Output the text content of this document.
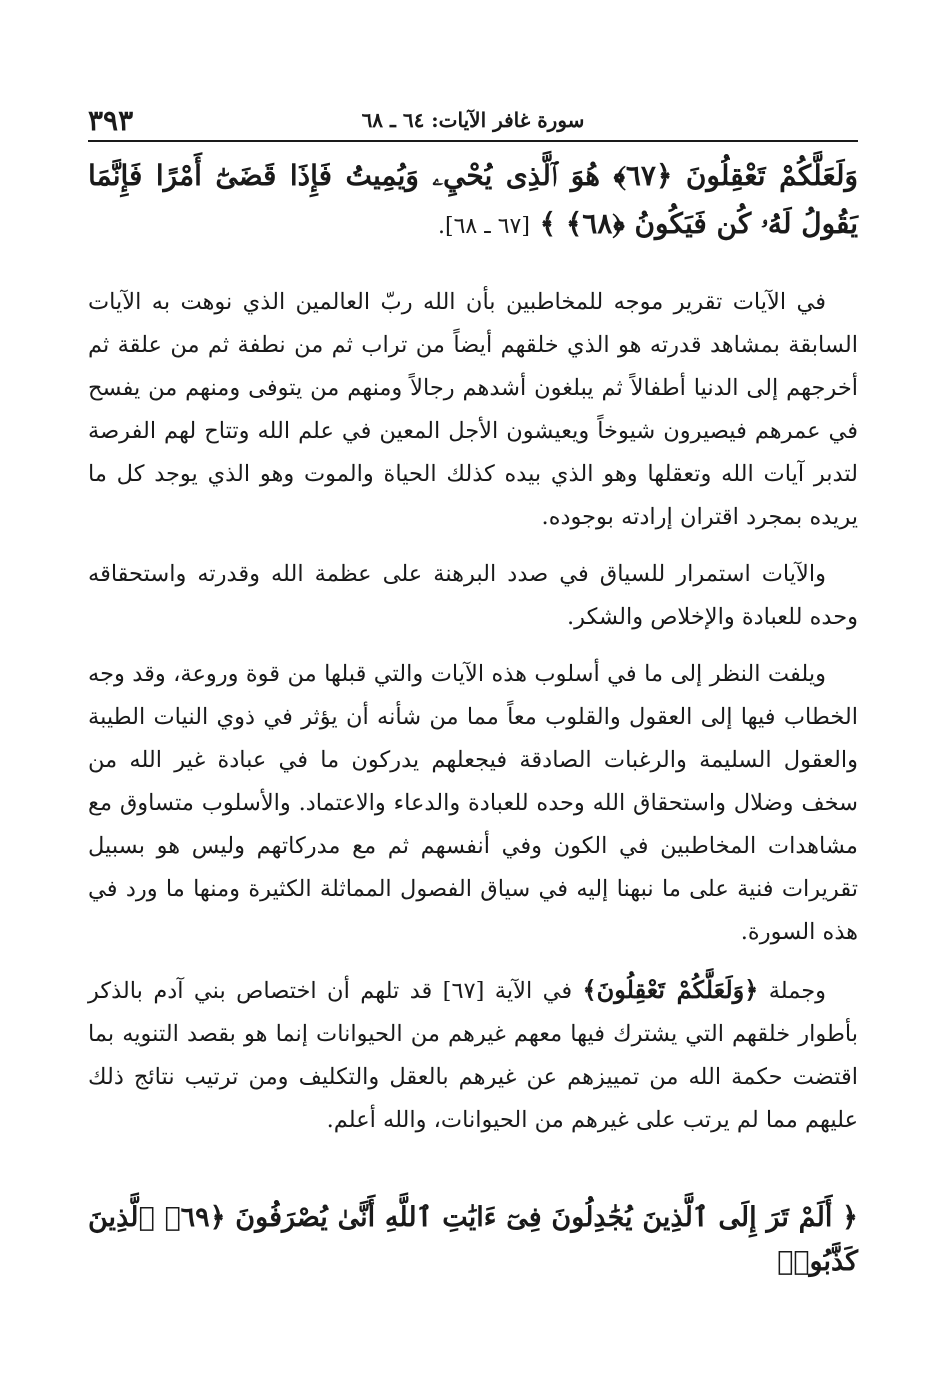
٣٩٣	سورة غافر الآيات: ٦٤ ـ ٦٨
وَلَعَلَّكُمْ تَعْقِلُونَ ﴿٦٧﴾ هُوَ ٱلَّذِى يُحْيِۦ وَيُمِيتُ فَإِذَا قَضَىٰٓ أَمْرًا فَإِنَّمَا يَقُولُ لَهُۥ كُن فَيَكُونُ ﴿٦٨﴾ ﴾ [٦٧ ـ ٦٨].

في الآيات تقرير موجه للمخاطبين بأن الله ربّ العالمين الذي نوهت به الآيات السابقة بمشاهد قدرته هو الذي خلقهم أيضاً من تراب ثم من نطفة ثم من علقة ثم أخرجهم إلى الدنيا أطفالاً ثم يبلغون أشدهم رجالاً ومنهم من يتوفى ومنهم من يفسح في عمرهم فيصيرون شيوخاً ويعيشون الأجل المعين في علم الله وتتاح لهم الفرصة لتدبر آيات الله وتعقلها وهو الذي بيده كذلك الحياة والموت وهو الذي يوجد كل ما يريده بمجرد اقتران إرادته بوجوده.

والآيات استمرار للسياق في صدد البرهنة على عظمة الله وقدرته واستحقاقه وحده للعبادة والإخلاص والشكر.

ويلفت النظر إلى ما في أسلوب هذه الآيات والتي قبلها من قوة وروعة، وقد وجه الخطاب فيها إلى العقول والقلوب معاً مما من شأنه أن يؤثر في ذوي النيات الطيبة والعقول السليمة والرغبات الصادقة فيجعلهم يدركون ما في عبادة غير الله من سخف وضلال واستحقاق الله وحده للعبادة والدعاء والاعتماد. والأسلوب متساوق مع مشاهدات المخاطبين في الكون وفي أنفسهم ثم مع مدركاتهم وليس هو بسبيل تقريرات فنية على ما نبهنا إليه في سياق الفصول المماثلة الكثيرة ومنها ما ورد في هذه السورة.

وجملة ﴿وَلَعَلَّكُمْ تَعْقِلُونَ﴾ في الآية [٦٧] قد تلهم أن اختصاص بني آدم بالذكر بأطوار خلقهم التي يشترك فيها معهم غيرهم من الحيوانات إنما هو بقصد التنويه بما اقتضت حكمة الله من تمييزهم عن غيرهم بالعقل والتكليف ومن ترتيب نتائج ذلك عليهم مما لم يرتب على غيرهم من الحيوانات، والله أعلم.

﴿ أَلَمْ تَرَ إِلَى ٱلَّذِينَ يُجَٰدِلُونَ فِىٓ ءَايَٰتِ ٱللَّهِ أَنَّىٰ يُصْرَفُونَ ﴿٦٩﴾ ٱلَّذِينَ كَذَّبُوا۟
